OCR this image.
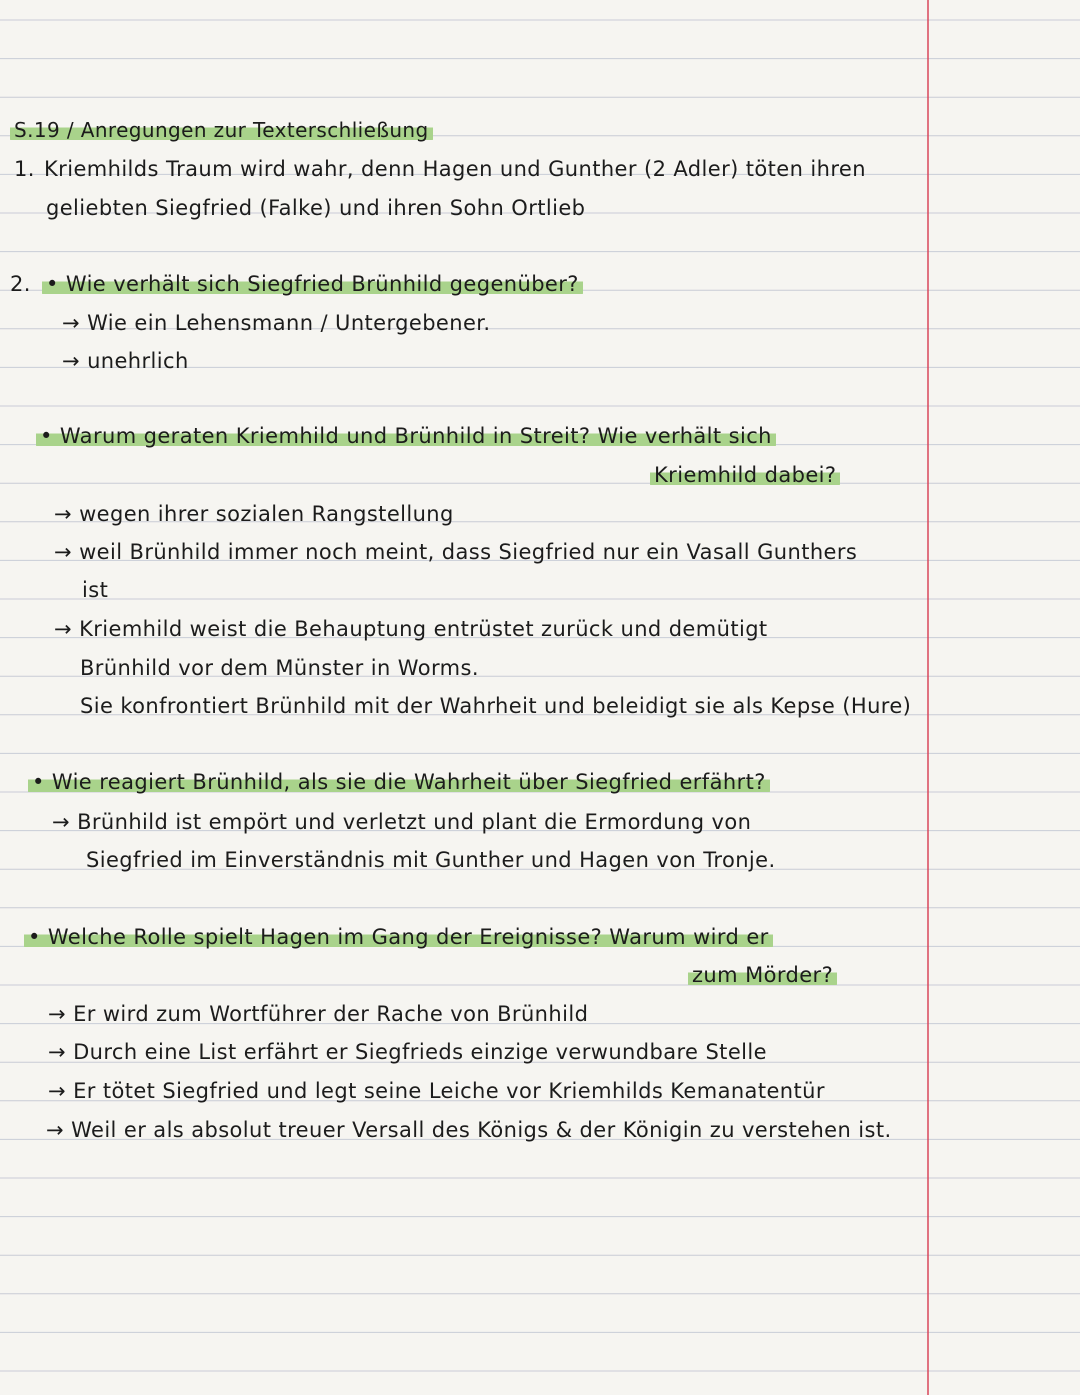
S.19 / Anregungen zur Texterschließung
1. Kriemhilds Traum wird wahr, denn Hagen und Gunther (2 Adler) töten ihren
geliebten Siegfried (Falke) und ihren Sohn Ortlieb
2. • Wie verhält sich Siegfried Brünhild gegenüber?
→ Wie ein Lehensmann / Untergebener.
→ unehrlich
• Warum geraten Kriemhild und Brünhild in Streit? Wie verhält sich
Kriemhild dabei?
→ wegen ihrer sozialen Rangstellung
→ weil Brünhild immer noch meint, dass Siegfried nur ein Vasall Gunthers
ist
→ Kriemhild weist die Behauptung entrüstet zurück und demütigt
Brünhild vor dem Münster in Worms.
Sie konfrontiert Brünhild mit der Wahrheit und beleidigt sie als Kepse (Hure)
• Wie reagiert Brünhild, als sie die Wahrheit über Siegfried erfährt?
→ Brünhild ist empört und verletzt und plant die Ermordung von
Siegfried im Einverständnis mit Gunther und Hagen von Tronje.
• Welche Rolle spielt Hagen im Gang der Ereignisse? Warum wird er
zum Mörder?
→ Er wird zum Wortführer der Rache von Brünhild
→ Durch eine List erfährt er Siegfrieds einzige verwundbare Stelle
→ Er tötet Siegfried und legt seine Leiche vor Kriemhilds Kemanatentür
→ Weil er als absolut treuer Versall des Königs & der Königin zu verstehen ist.
